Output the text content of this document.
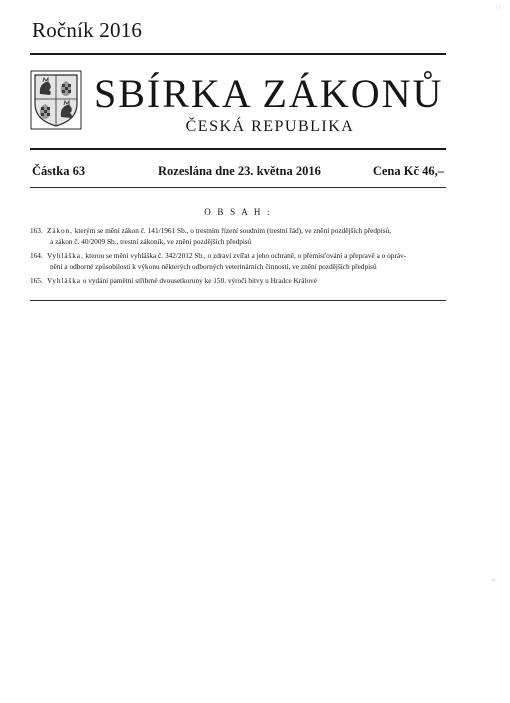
Ročník 2016
SBÍRKA ZÁKONŮ
ČESKÁ REPUBLIKA
Částka 63	Rozeslána dne 23. května 2016	Cena Kč 46,–
O B S A H :
163. Zákon, kterým se mění zákon č. 141/1961 Sb., o trestním řízení soudním (trestní řád), ve znění pozdějších předpisů,
a zákon č. 40/2009 Sb., trestní zákoník, ve znění pozdějších předpisů
164. Vyhláška, kterou se mění vyhláška č. 342/2012 Sb., o zdraví zvířat a jeho ochraně, o přemísťování a přepravě a o opráv-
nění a odborné způsobilosti k výkonu některých odborných veterinárních činností, ve znění pozdějších předpisů
165. Vyhláška o vydání pamětní stříbrné dvousetkoruny ke 150. výročí bitvy u Hradce Králové
◌
◦
